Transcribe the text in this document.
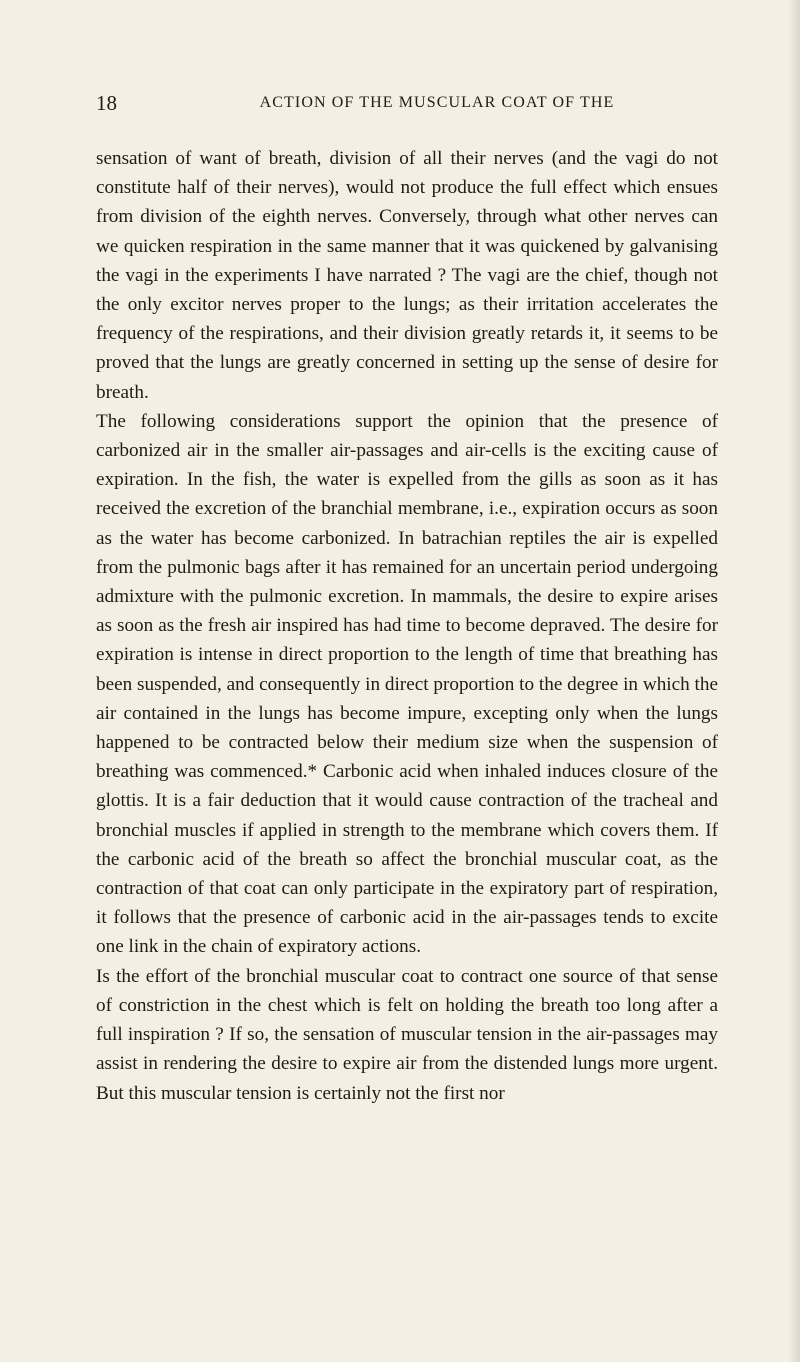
18	ACTION OF THE MUSCULAR COAT OF THE

sensation of want of breath, division of all their nerves (and the vagi do not constitute half of their nerves), would not produce the full effect which ensues from division of the eighth nerves. Conversely, through what other nerves can we quicken respiration in the same manner that it was quickened by galvanising the vagi in the experiments I have narrated ? The vagi are the chief, though not the only excitor nerves proper to the lungs; as their irritation accelerates the frequency of the respirations, and their division greatly retards it, it seems to be proved that the lungs are greatly concerned in setting up the sense of desire for breath.

The following considerations support the opinion that the presence of carbonized air in the smaller air-passages and air-cells is the exciting cause of expiration. In the fish, the water is expelled from the gills as soon as it has received the excretion of the branchial membrane, i.e., expiration occurs as soon as the water has become carbonized. In batrachian reptiles the air is expelled from the pulmonic bags after it has remained for an uncertain period undergoing admixture with the pulmonic excretion. In mammals, the desire to expire arises as soon as the fresh air inspired has had time to become depraved. The desire for expiration is intense in direct proportion to the length of time that breathing has been suspended, and consequently in direct proportion to the degree in which the air contained in the lungs has become impure, excepting only when the lungs happened to be contracted below their medium size when the suspension of breathing was commenced.* Carbonic acid when inhaled induces closure of the glottis. It is a fair deduction that it would cause contraction of the tracheal and bronchial muscles if applied in strength to the membrane which covers them. If the carbonic acid of the breath so affect the bronchial muscular coat, as the contraction of that coat can only participate in the expiratory part of respiration, it follows that the presence of carbonic acid in the air-passages tends to excite one link in the chain of expiratory actions.

Is the effort of the bronchial muscular coat to contract one source of that sense of constriction in the chest which is felt on holding the breath too long after a full inspiration ? If so, the sensation of muscular tension in the air-passages may assist in rendering the desire to expire air from the distended lungs more urgent. But this muscular tension is certainly not the first nor
